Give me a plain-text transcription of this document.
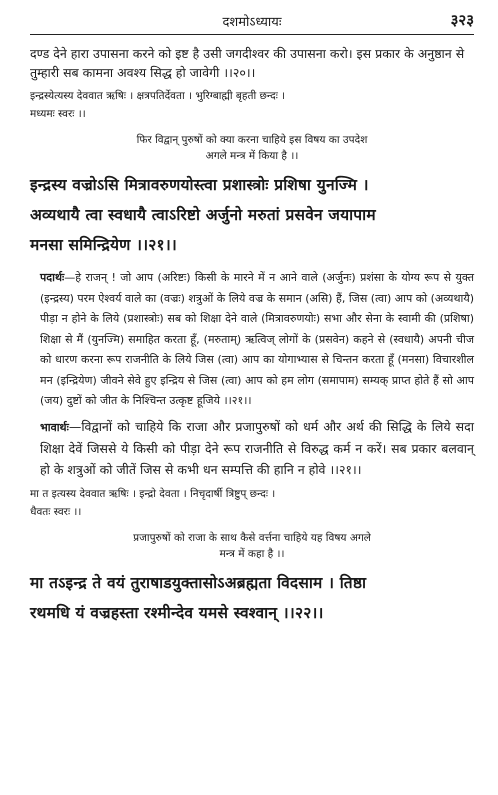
दशमोऽध्यायः	३२३

दण्ड देने हारा उपासना करने को इष्ट है उसी जगदीश्वर की उपासना करो। इस प्रकार के अनुष्ठान से तुम्हारी सब कामना अवश्य सिद्ध हो जावेगी ।।२०।।

इन्द्रस्येत्यस्य देववात ऋषिः । क्षत्रपतिर्देवता । भुरिग्बाह्मी बृहती छन्दः ।
मध्यमः स्वरः ।।
फिर विद्वान् पुरुषों को क्या करना चाहिये इस विषय का उपदेश
अगले मन्त्र में किया है ।।
इन्द्रस्य वज्रोऽसि मित्रावरुणयोस्त्वा प्रशास्त्रोः प्रशिषा युनज्मि ।
अव्यथायै त्वा स्वधायै त्वाऽरिष्टो अर्जुनो मरुतां प्रसवेन जयापाम
मनसा समिन्द्रियेण ।।२१।।

पदार्थः—हे राजन् ! जो आप (अरिष्टः) किसी के मारने में न आने वाले (अर्जुनः) प्रशंसा के योग्य रूप से युक्त (इन्द्रस्य) परम ऐश्वर्य वाले का (वज्रः) शत्रुओं के लिये वज्र के समान (असि) हैं, जिस (त्वा) आप को (अव्यथायै) पीड़ा न होने के लिये (प्रशास्त्रोः) सब को शिक्षा देने वाले (मित्रावरुणयोः) सभा और सेना के स्वामी की (प्रशिषा) शिक्षा से मैं (युनज्मि) समाहित करता हूँ, (मरुताम्) ऋत्विज् लोगों के (प्रसवेन) कहने से (स्वधायै) अपनी चीज को धारण करना रूप राजनीति के लिये जिस (त्वा) आप का योगाभ्यास से चिन्तन करता हूँ (मनसा) विचारशील मन (इन्द्रियेण) जीवने सेवे हुए इन्द्रिय से जिस (त्वा) आप को हम लोग (समापाम) सम्यक् प्राप्त होते हैं सो आप (जय) दुष्टों को जीत के निश्चिन्त उत्कृष्ट हूजिये ।।२१।।

भावार्थः—विद्वानों को चाहिये कि राजा और प्रजापुरुषों को धर्म और अर्थ की सिद्धि के लिये सदा शिक्षा देवें जिससे ये किसी को पीड़ा देने रूप राजनीति से विरुद्ध कर्म न करें। सब प्रकार बलवान् हो के शत्रुओं को जीतें जिस से कभी धन सम्पत्ति की हानि न होवे ।।२१।।

मा त इत्यस्य देववात ऋषिः । इन्द्रो देवता । निचृदार्षी त्रिष्टुप् छन्दः ।
धैवतः स्वरः ।।
प्रजापुरुषों को राजा के साथ कैसे वर्त्तना चाहिये यह विषय अगले
मन्त्र में कहा है ।।
मा तऽइन्द्र ते वयं तुराषाडयुक्तासोऽअब्रह्मता विदसाम । तिष्ठा
रथमधि यं वज्रहस्ता रश्मीन्देव यमसे स्वश्वान् ।।२२।।
